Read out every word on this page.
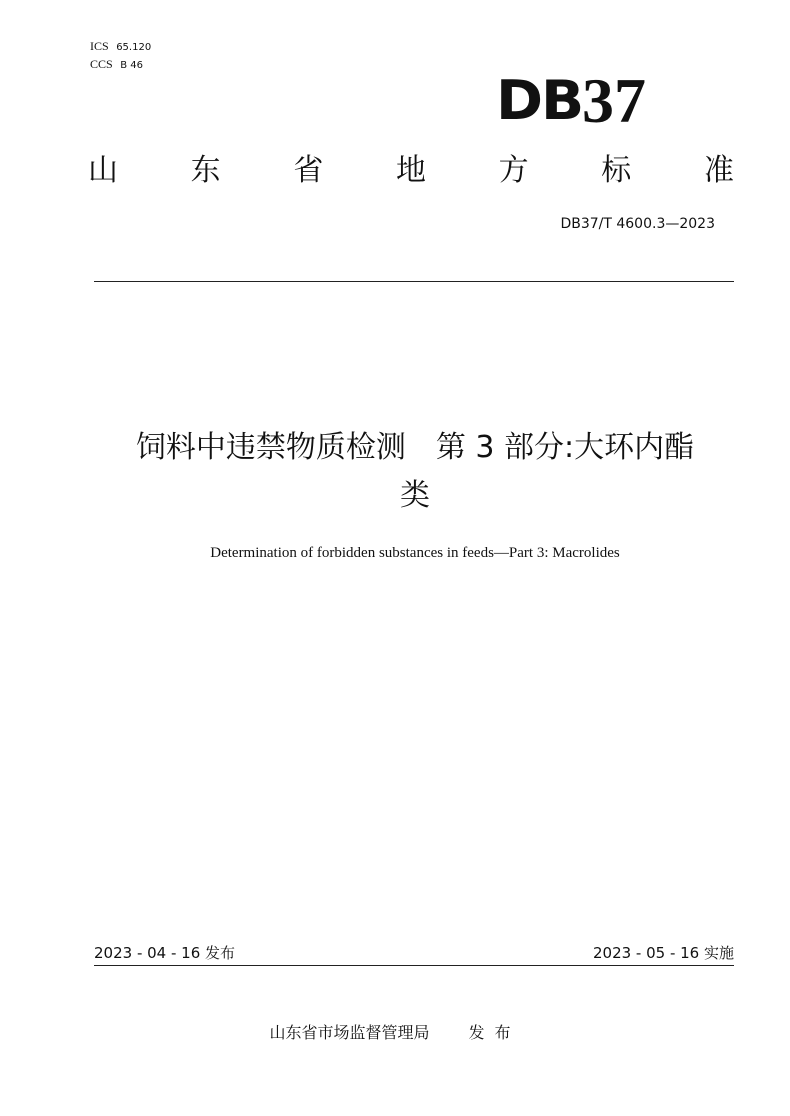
ICS 65.120
CCS B 46
DB 37
山 东 省 地 方 标 准
DB37/T 4600.3—2023
饲料中违禁物质检测　第 3 部分:大环内酯
类
Determination of forbidden substances in feeds—Part 3: Macrolides
2023 - 04 - 16 发布	2023 - 05 - 16 实施
山东省市场监督管理局 发布
